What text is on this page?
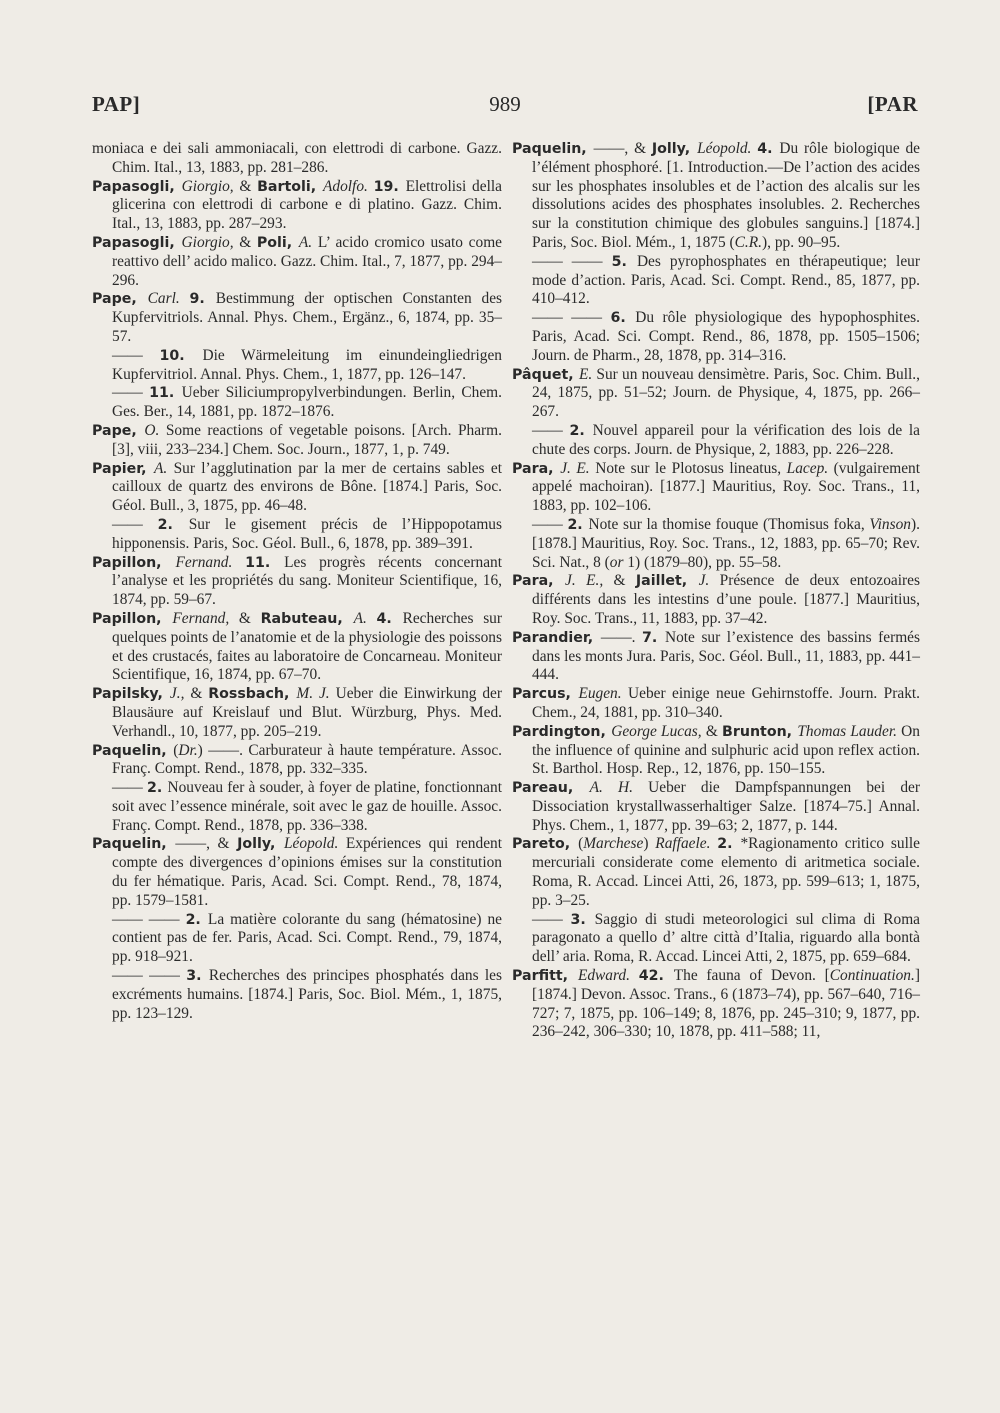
PAP]	989	[PAR

moniaca e dei sali ammoniacali, con elettrodi di carbone. Gazz. Chim. Ital., 13, 1883, pp. 281–286.

Papasogli, Giorgio, & Bartoli, Adolfo. 19. Elettrolisi della glicerina con elettrodi di carbone e di platino. Gazz. Chim. Ital., 13, 1883, pp. 287–293.

Papasogli, Giorgio, & Poli, A. L’ acido cromico usato come reattivo dell’ acido malico. Gazz. Chim. Ital., 7, 1877, pp. 294–296.

Pape, Carl. 9. Bestimmung der optischen Constanten des Kupfervitriols. Annal. Phys. Chem., Ergänz., 6, 1874, pp. 35–57.

—— 10. Die Wärmeleitung im einundeingliedrigen Kupfervitriol. Annal. Phys. Chem., 1, 1877, pp. 126–147.

—— 11. Ueber Siliciumpropylverbindungen. Berlin, Chem. Ges. Ber., 14, 1881, pp. 1872–1876.

Pape, O. Some reactions of vegetable poisons. [Arch. Pharm. [3], viii, 233–234.] Chem. Soc. Journ., 1877, 1, p. 749.

Papier, A. Sur l’agglutination par la mer de certains sables et cailloux de quartz des environs de Bône. [1874.] Paris, Soc. Géol. Bull., 3, 1875, pp. 46–48.

—— 2. Sur le gisement précis de l’Hippopotamus hipponensis. Paris, Soc. Géol. Bull., 6, 1878, pp. 389–391.

Papillon, Fernand. 11. Les progrès récents concernant l’analyse et les propriétés du sang. Moniteur Scientifique, 16, 1874, pp. 59–67.

Papillon, Fernand, & Rabuteau, A. 4. Recherches sur quelques points de l’anatomie et de la physiologie des poissons et des crustacés, faites au laboratoire de Concarneau. Moniteur Scientifique, 16, 1874, pp. 67–70.

Papilsky, J., & Rossbach, M. J. Ueber die Einwirkung der Blausäure auf Kreislauf und Blut. Würzburg, Phys. Med. Verhandl., 10, 1877, pp. 205–219.

Paquelin, (Dr.) ——. Carburateur à haute température. Assoc. Franç. Compt. Rend., 1878, pp. 332–335.

—— 2. Nouveau fer à souder, à foyer de platine, fonctionnant soit avec l’essence minérale, soit avec le gaz de houille. Assoc. Franç. Compt. Rend., 1878, pp. 336–338.

Paquelin, ——, & Jolly, Léopold. Expériences qui rendent compte des divergences d’opinions émises sur la constitution du fer hématique. Paris, Acad. Sci. Compt. Rend., 78, 1874, pp. 1579–1581.

—— —— 2. La matière colorante du sang (hématosine) ne contient pas de fer. Paris, Acad. Sci. Compt. Rend., 79, 1874, pp. 918–921.

—— —— 3. Recherches des principes phosphatés dans les excréments humains. [1874.] Paris, Soc. Biol. Mém., 1, 1875, pp. 123–129.

Paquelin, ——, & Jolly, Léopold. 4. Du rôle biologique de l’élément phosphoré. [1. Introduction.—De l’action des acides sur les phosphates insolubles et de l’action des alcalis sur les dissolutions acides des phosphates insolubles. 2. Recherches sur la constitution chimique des globules sanguins.] [1874.] Paris, Soc. Biol. Mém., 1, 1875 (C.R.), pp. 90–95.

—— —— 5. Des pyrophosphates en thérapeutique; leur mode d’action. Paris, Acad. Sci. Compt. Rend., 85, 1877, pp. 410–412.

—— —— 6. Du rôle physiologique des hypophosphites. Paris, Acad. Sci. Compt. Rend., 86, 1878, pp. 1505–1506; Journ. de Pharm., 28, 1878, pp. 314–316.

Pâquet, E. Sur un nouveau densimètre. Paris, Soc. Chim. Bull., 24, 1875, pp. 51–52; Journ. de Physique, 4, 1875, pp. 266–267.

—— 2. Nouvel appareil pour la vérification des lois de la chute des corps. Journ. de Physique, 2, 1883, pp. 226–228.

Para, J. E. Note sur le Plotosus lineatus, Lacep. (vulgairement appelé machoiran). [1877.] Mauritius, Roy. Soc. Trans., 11, 1883, pp. 102–106.

—— 2. Note sur la thomise fouque (Thomisus foka, Vinson). [1878.] Mauritius, Roy. Soc. Trans., 12, 1883, pp. 65–70; Rev. Sci. Nat., 8 (or 1) (1879–80), pp. 55–58.

Para, J. E., & Jaillet, J. Présence de deux entozoaires différents dans les intestins d’une poule. [1877.] Mauritius, Roy. Soc. Trans., 11, 1883, pp. 37–42.

Parandier, ——. 7. Note sur l’existence des bassins fermés dans les monts Jura. Paris, Soc. Géol. Bull., 11, 1883, pp. 441–444.

Parcus, Eugen. Ueber einige neue Gehirnstoffe. Journ. Prakt. Chem., 24, 1881, pp. 310–340.

Pardington, George Lucas, & Brunton, Thomas Lauder. On the influence of quinine and sulphuric acid upon reflex action. St. Barthol. Hosp. Rep., 12, 1876, pp. 150–155.

Pareau, A. H. Ueber die Dampfspannungen bei der Dissociation krystallwasserhaltiger Salze. [1874–75.] Annal. Phys. Chem., 1, 1877, pp. 39–63; 2, 1877, p. 144.

Pareto, (Marchese) Raffaele. 2. *Ragionamento critico sulle mercuriali considerate come elemento di aritmetica sociale. Roma, R. Accad. Lincei Atti, 26, 1873, pp. 599–613; 1, 1875, pp. 3–25.

—— 3. Saggio di studi meteorologici sul clima di Roma paragonato a quello d’ altre città d’Italia, riguardo alla bontà dell’ aria. Roma, R. Accad. Lincei Atti, 2, 1875, pp. 659–684.

Parfitt, Edward. 42. The fauna of Devon. [Continuation.] [1874.] Devon. Assoc. Trans., 6 (1873–74), pp. 567–640, 716–727; 7, 1875, pp. 106–149; 8, 1876, pp. 245–310; 9, 1877, pp. 236–242, 306–330; 10, 1878, pp. 411–588; 11,
